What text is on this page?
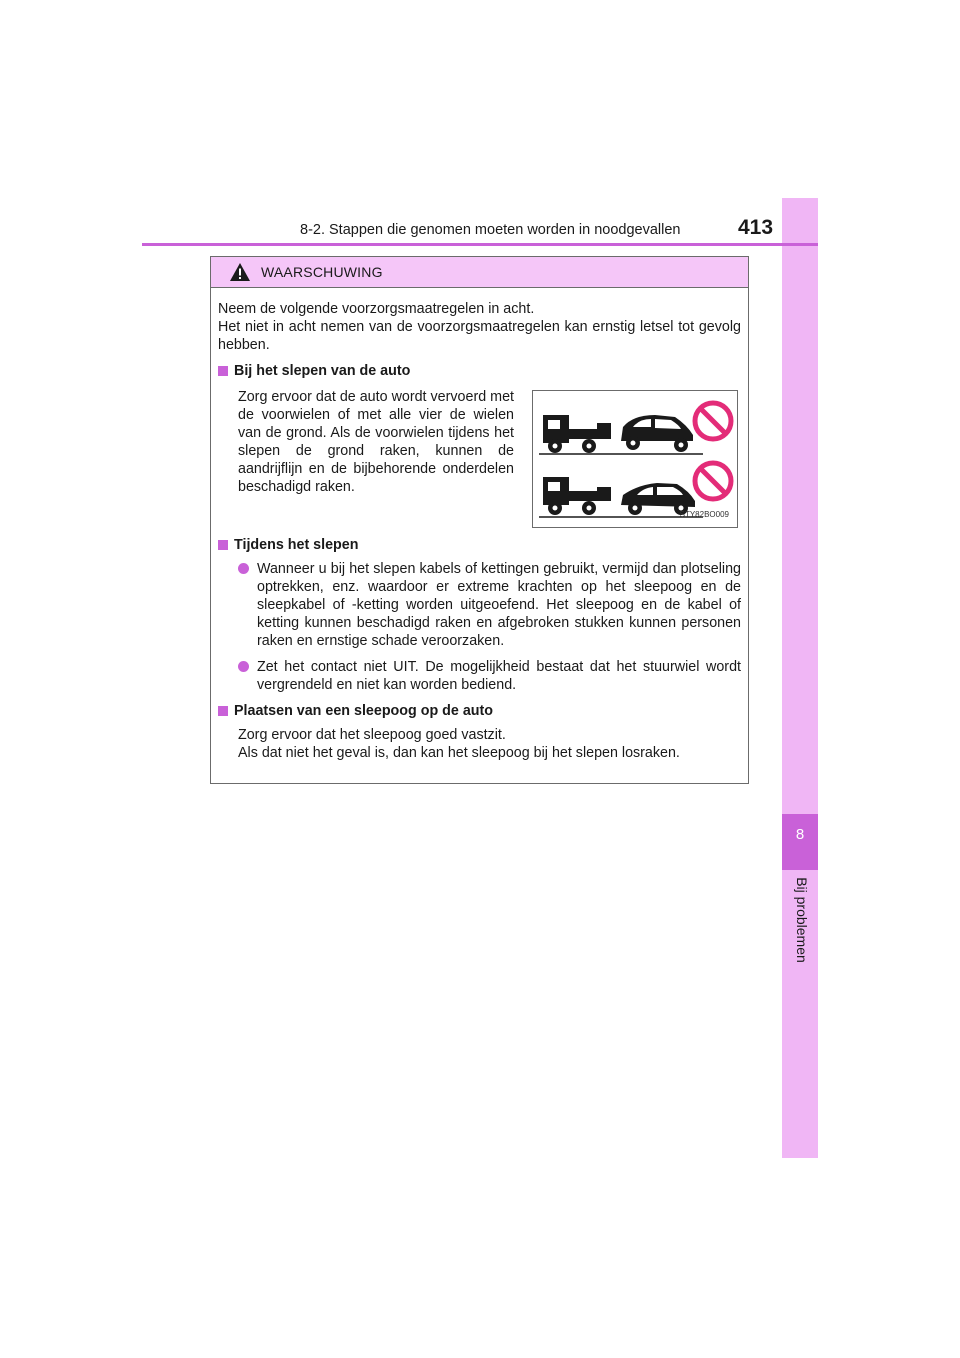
8
Bij problemen
8-2. Stappen die genomen moeten worden in noodgevallen	413
WAARSCHUWING

Neem de volgende voorzorgsmaatregelen in acht.

Het niet in acht nemen van de voorzorgsmaatregelen kan ernstig letsel tot gevolg hebben.

Bij het slepen van de auto
Zorg ervoor dat de auto wordt vervoerd met de voorwielen of met alle vier de wielen van de grond. Als de voorwielen tijdens het slepen de grond raken, kunnen de aandrijflijn en de bijbehorende onderdelen beschadigd raken.
STY82BO009
Tijdens het slepen
Wanneer u bij het slepen kabels of kettingen gebruikt, vermijd dan plotseling optrekken, enz. waardoor er extreme krachten op het sleepoog en de sleepkabel of -ketting worden uitgeoefend. Het sleepoog en de kabel of ketting kunnen beschadigd raken en afgebroken stukken kunnen personen raken en ernstige schade veroorzaken.
Zet het contact niet UIT. De mogelijkheid bestaat dat het stuurwiel wordt vergrendeld en niet kan worden bediend.
Plaatsen van een sleepoog op de auto

Zorg ervoor dat het sleepoog goed vastzit.

Als dat niet het geval is, dan kan het sleepoog bij het slepen losraken.
